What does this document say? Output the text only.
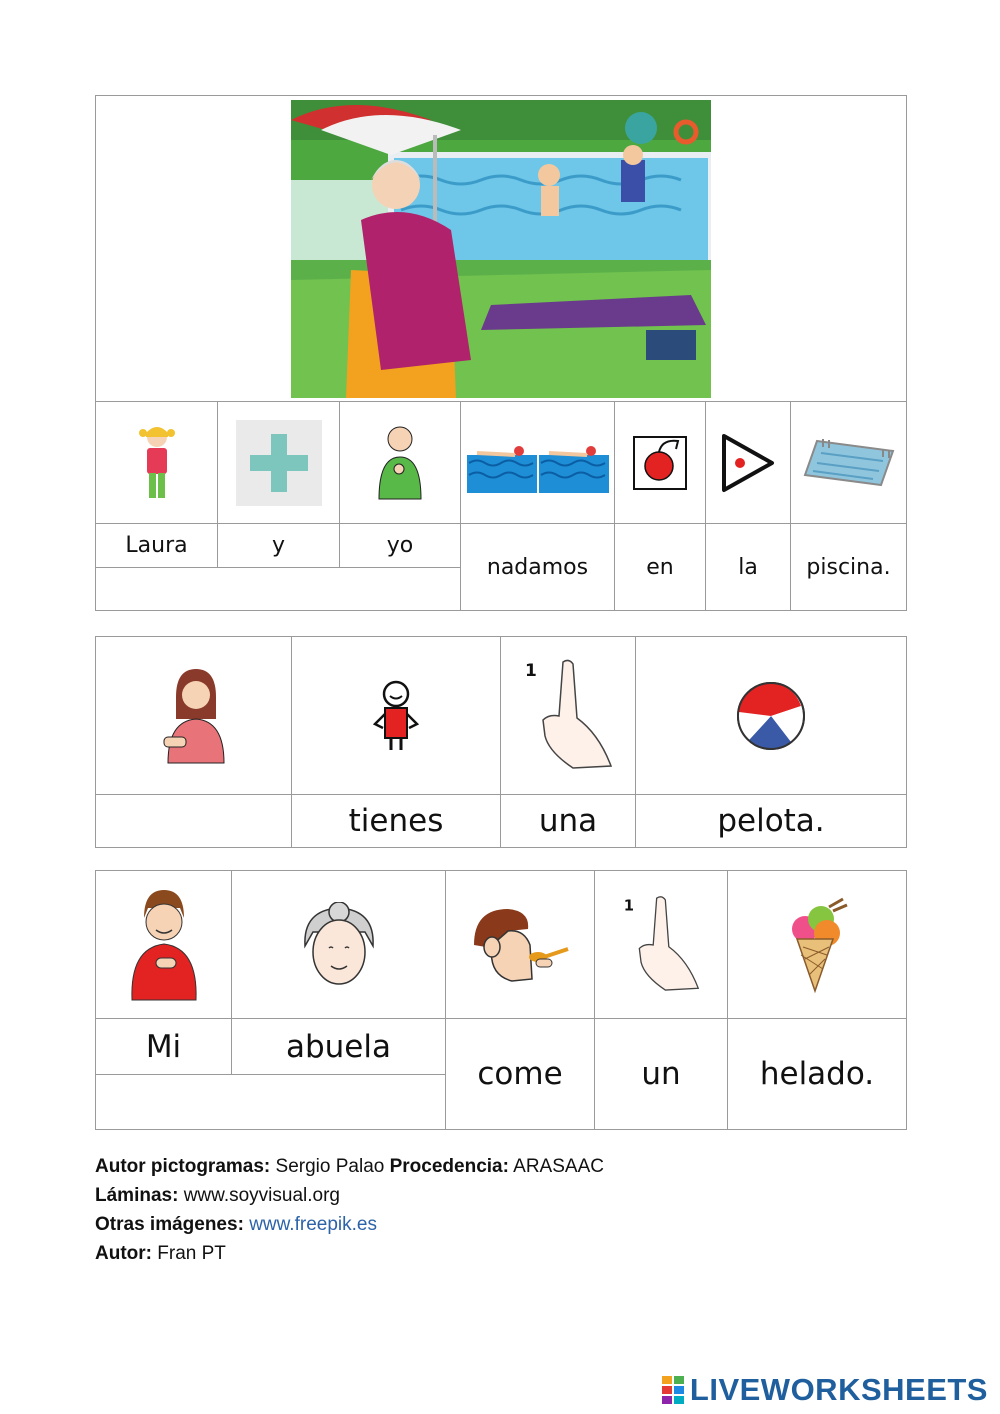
Laura	y	yo	nadamos	en	la	piscina.

1

	tienes	una	pelota.

1

Mi	abuela	come	un	helado.

Autor pictogramas: Sergio Palao Procedencia: ARASAAC
Láminas: www.soyvisual.org
Otras imágenes: www.freepik.es
Autor: Fran PT
LIVEWORKSHEETS
